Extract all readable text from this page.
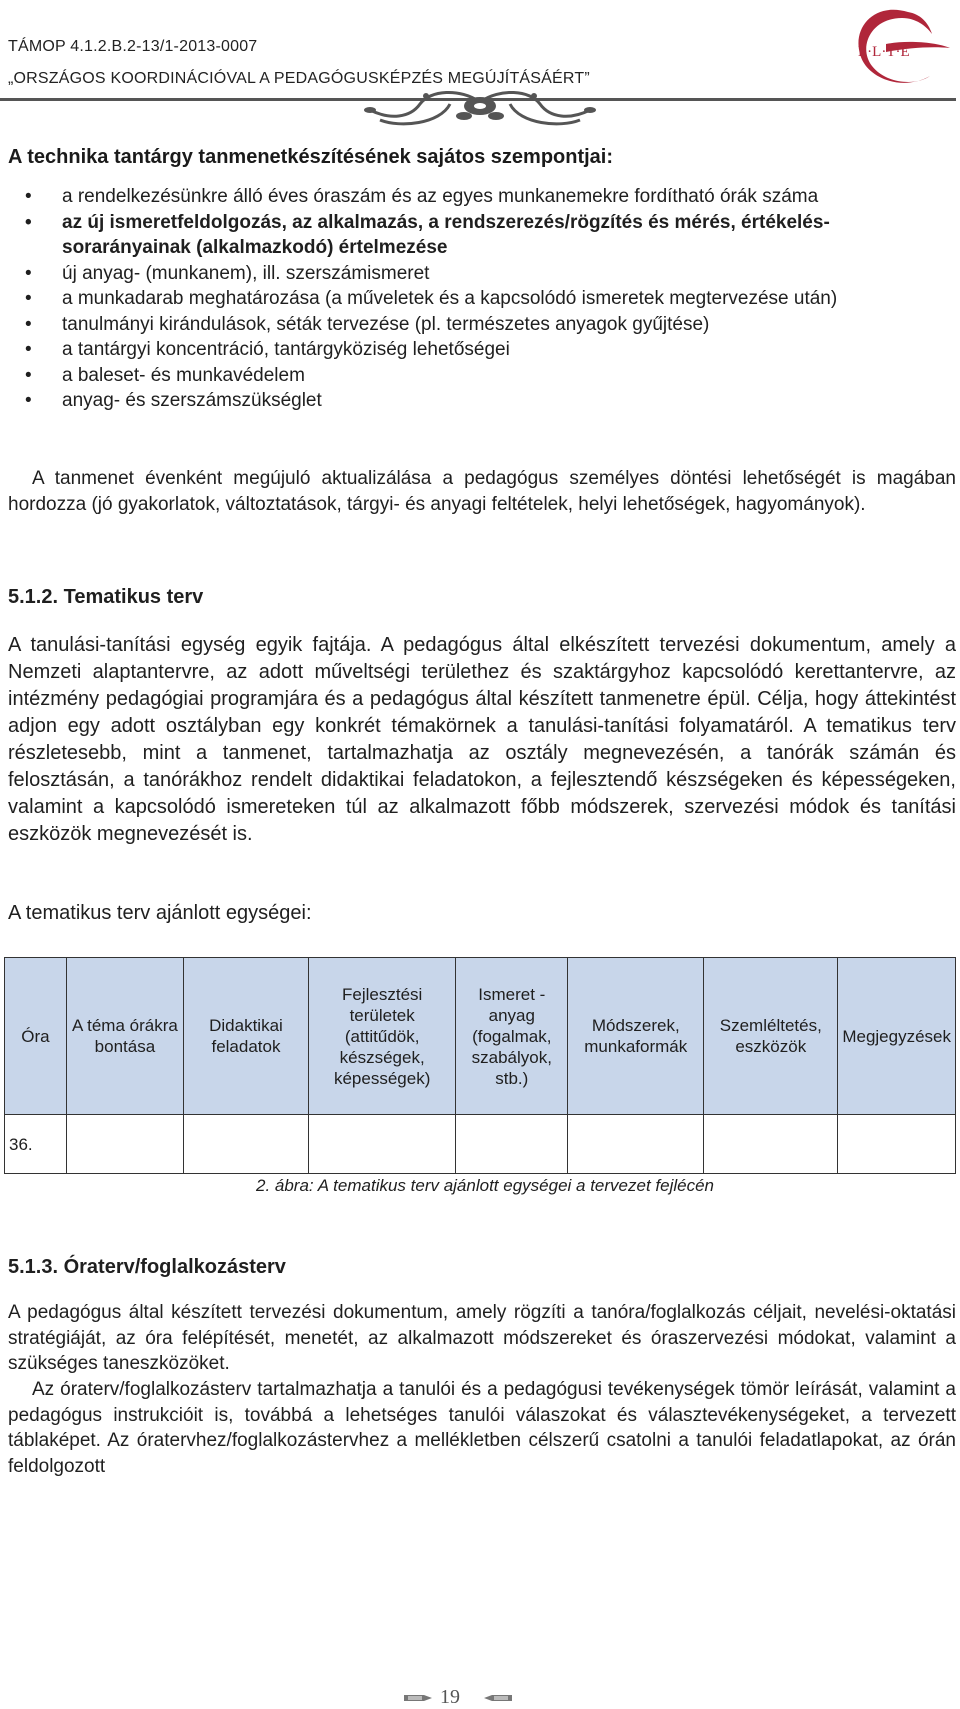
TÁMOP 4.1.2.B.2-13/1-2013-0007
„ORSZÁGOS KOORDINÁCIÓVAL A PEDAGÓGUSKÉPZÉS MEGÚJÍTÁSÁÉRT”
E·L·T·E
A technika tantárgy tanmenetkészítésének sajátos szempontjai:
• a rendelkezésünkre álló éves óraszám és az egyes munkanemekre fordítható órák száma
• az új ismeretfeldolgozás, az alkalmazás, a rendszerezés/rögzítés és mérés, értékelés-sorarányainak (alkalmazkodó) értelmezése
• új anyag- (munkanem), ill. szerszámismeret
• a munkadarab meghatározása (a műveletek és a kapcsolódó ismeretek megtervezése után)
• tanulmányi kirándulások, séták tervezése (pl. természetes anyagok gyűjtése)
• a tantárgyi koncentráció, tantárgyköziség lehetőségei
• a baleset- és munkavédelem
• anyag- és szerszámszükséglet
A tanmenet évenként megújuló aktualizálása a pedagógus személyes döntési lehetőségét is magában hordozza (jó gyakorlatok, változtatások, tárgyi- és anyagi feltételek, helyi lehetőségek, hagyományok).
5.1.2. Tematikus terv
A tanulási-tanítási egység egyik fajtája. A pedagógus által elkészített tervezési dokumentum, amely a Nemzeti alaptantervre, az adott műveltségi területhez és szaktárgyhoz kapcsolódó kerettantervre, az intézmény pedagógiai programjára és a pedagógus által készített tanmenetre épül. Célja, hogy áttekintést adjon egy adott osztályban egy konkrét témakörnek a tanulási-tanítási folyamatáról. A tematikus terv részletesebb, mint a tanmenet, tartalmazhatja az osztály megnevezésén, a tanórák számán és felosztásán, a tanórákhoz rendelt didaktikai feladatokon, a fejlesztendő készségeken és képességeken, valamint a kapcsolódó ismereteken túl az alkalmazott főbb módszerek, szervezési módok és tanítási eszközök megnevezését is.
A tematikus terv ajánlott egységei:
Óra	A téma órákra bontása	Didaktikai feladatok	Fejlesztési területek (attitűdök, készségek, képességek)	Ismeret -anyag (fogalmak, szabályok, stb.)	Módszerek, munkaformák	Szemléltetés, eszközök	Megjegyzések
36.							
2. ábra: A tematikus terv ajánlott egységei a tervezet fejlécén
5.1.3. Óraterv/foglalkozásterv
A pedagógus által készített tervezési dokumentum, amely rögzíti a tanóra/foglalkozás céljait, nevelési-oktatási stratégiáját, az óra felépítését, menetét, az alkalmazott módszereket és óraszervezési módokat, valamint a szükséges taneszközöket.
Az óraterv/foglalkozásterv tartalmazhatja a tanulói és a pedagógusi tevékenységek tömör leírását, valamint a pedagógus instrukcióit is, továbbá a lehetséges tanulói válaszokat és választevékenységeket, a tervezett táblaképet. Az óratervhez/foglalkozástervhez a mellékletben célszerű csatolni a tanulói feladatlapokat, az órán feldolgozott
19
